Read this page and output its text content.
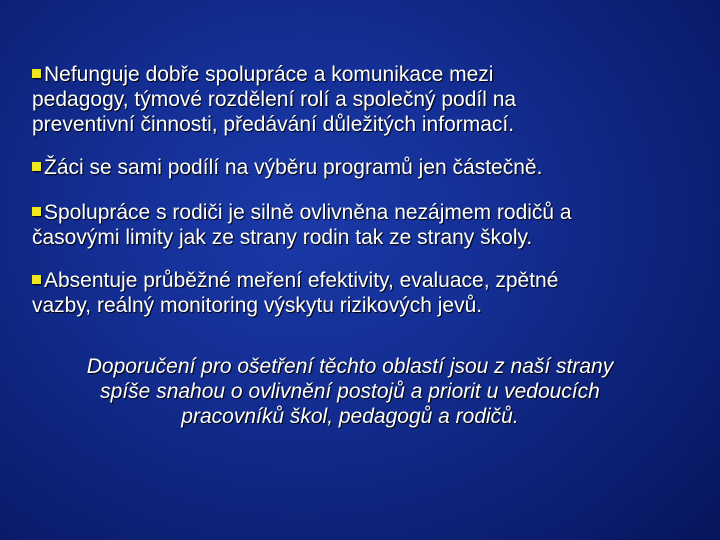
Nefunguje dobře spolupráce a komunikace mezi
pedagogy, týmové rozdělení rolí a společný podíl na
preventivní činnosti, předávání důležitých informací.
Žáci se sami podílí na výběru programů jen částečně.
Spolupráce s rodiči je silně ovlivněna nezájmem rodičů a
časovými limity jak ze strany rodin tak ze strany školy.
Absentuje průběžné meření efektivity, evaluace, zpětné
vazby, reálný monitoring výskytu rizikových jevů.
Doporučení pro ošetření těchto oblastí jsou z naší strany
spíše snahou o ovlivnění postojů a priorit u vedoucích
pracovníků škol, pedagogů a rodičů.
